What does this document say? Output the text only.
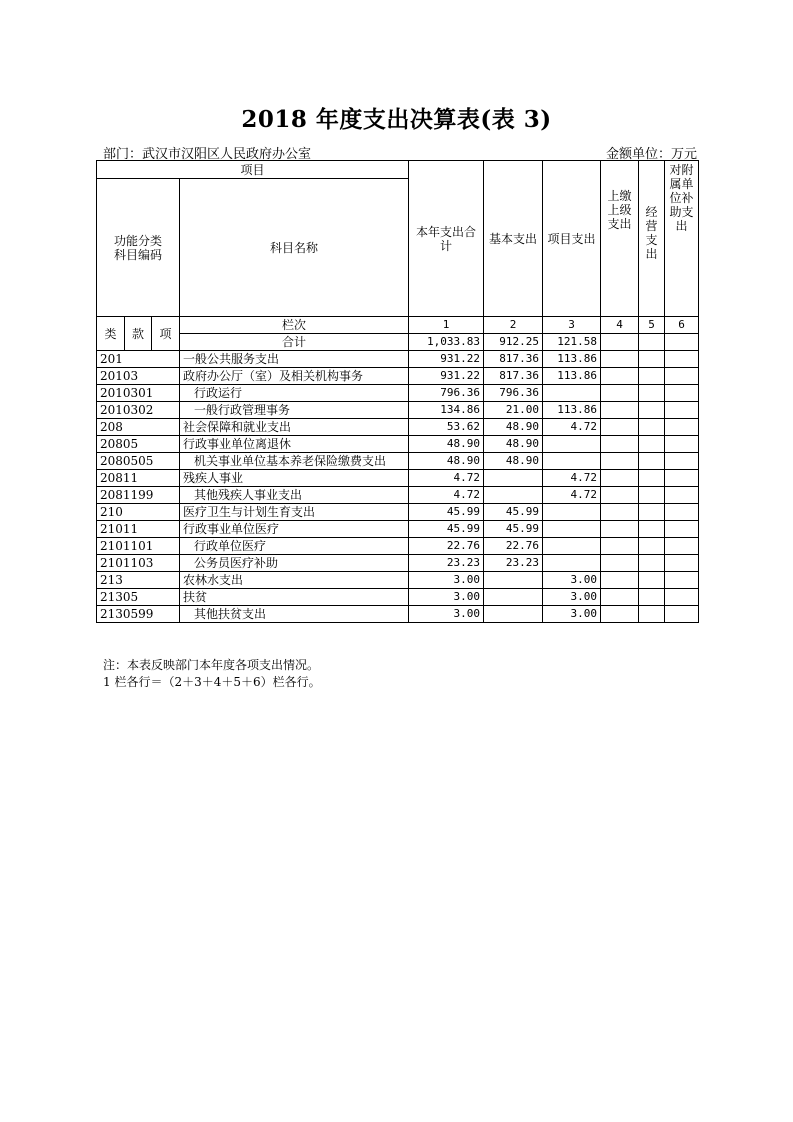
2018 年度支出决算表(表 3)
部门：武汉市汉阳区人民政府办公室	金额单位：万元
项目				本年支出合计	基本支出	项目支出	上缴上级支出	经营支出	对附属单位补助支出
功能分类科目编码			科目名称						
类	款	项	栏次	1	2	3	4	5	6
			合计	1,033.83	912.25	121.58			
201			一般公共服务支出	931.22	817.36	113.86			
20103			政府办公厅（室）及相关机构事务	931.22	817.36	113.86			
2010301			行政运行	796.36	796.36				
2010302			一般行政管理事务	134.86	21.00	113.86			
208			社会保障和就业支出	53.62	48.90	4.72			
20805			行政事业单位离退休	48.90	48.90				
2080505			机关事业单位基本养老保险缴费支出	48.90	48.90				
20811			残疾人事业	4.72		4.72			
2081199			其他残疾人事业支出	4.72		4.72			
210			医疗卫生与计划生育支出	45.99	45.99				
21011			行政事业单位医疗	45.99	45.99				
2101101			行政单位医疗	22.76	22.76				
2101103			公务员医疗补助	23.23	23.23				
213			农林水支出	3.00		3.00			
21305			扶贫	3.00		3.00			
2130599			其他扶贫支出	3.00		3.00			
注：本表反映部门本年度各项支出情况。
1 栏各行＝（2＋3＋4＋5＋6）栏各行。
